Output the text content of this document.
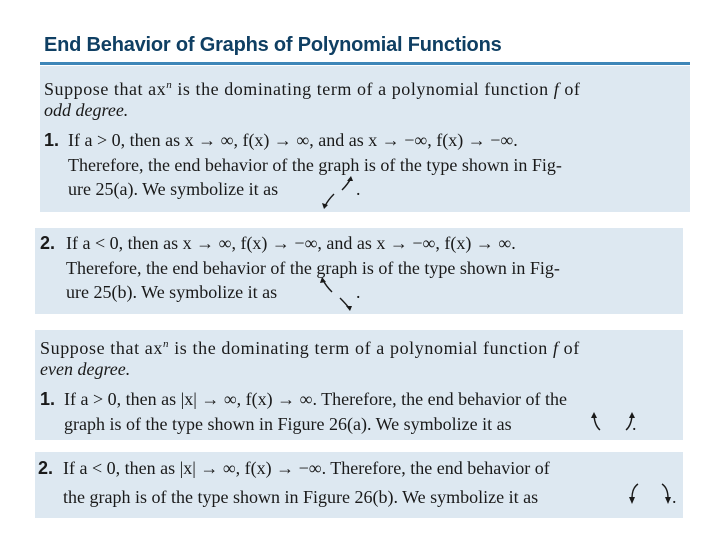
End Behavior of Graphs of Polynomial Functions
Suppose that $ax^n$ is the dominating term of a polynomial function f of
odd degree.
1. If a > 0, then as x → ∞, f(x) → ∞, and as x → −∞, f(x) → −∞.
Therefore, the end behavior of the graph is of the type shown in Fig-
ure 25(a). We symbolize it as	.
2. If a < 0, then as x → ∞, f(x) → −∞, and as x → −∞, f(x) → ∞.
Therefore, the end behavior of the graph is of the type shown in Fig-
ure 25(b). We symbolize it as	.
Suppose that $ax^n$ is the dominating term of a polynomial function f of
even degree.
1. If a > 0, then as |x| → ∞, f(x) → ∞. Therefore, the end behavior of the
graph is of the type shown in Figure 26(a). We symbolize it as	.
2. If a < 0, then as |x| → ∞, f(x) → −∞. Therefore, the end behavior of
the graph is of the type shown in Figure 26(b). We symbolize it as	.
